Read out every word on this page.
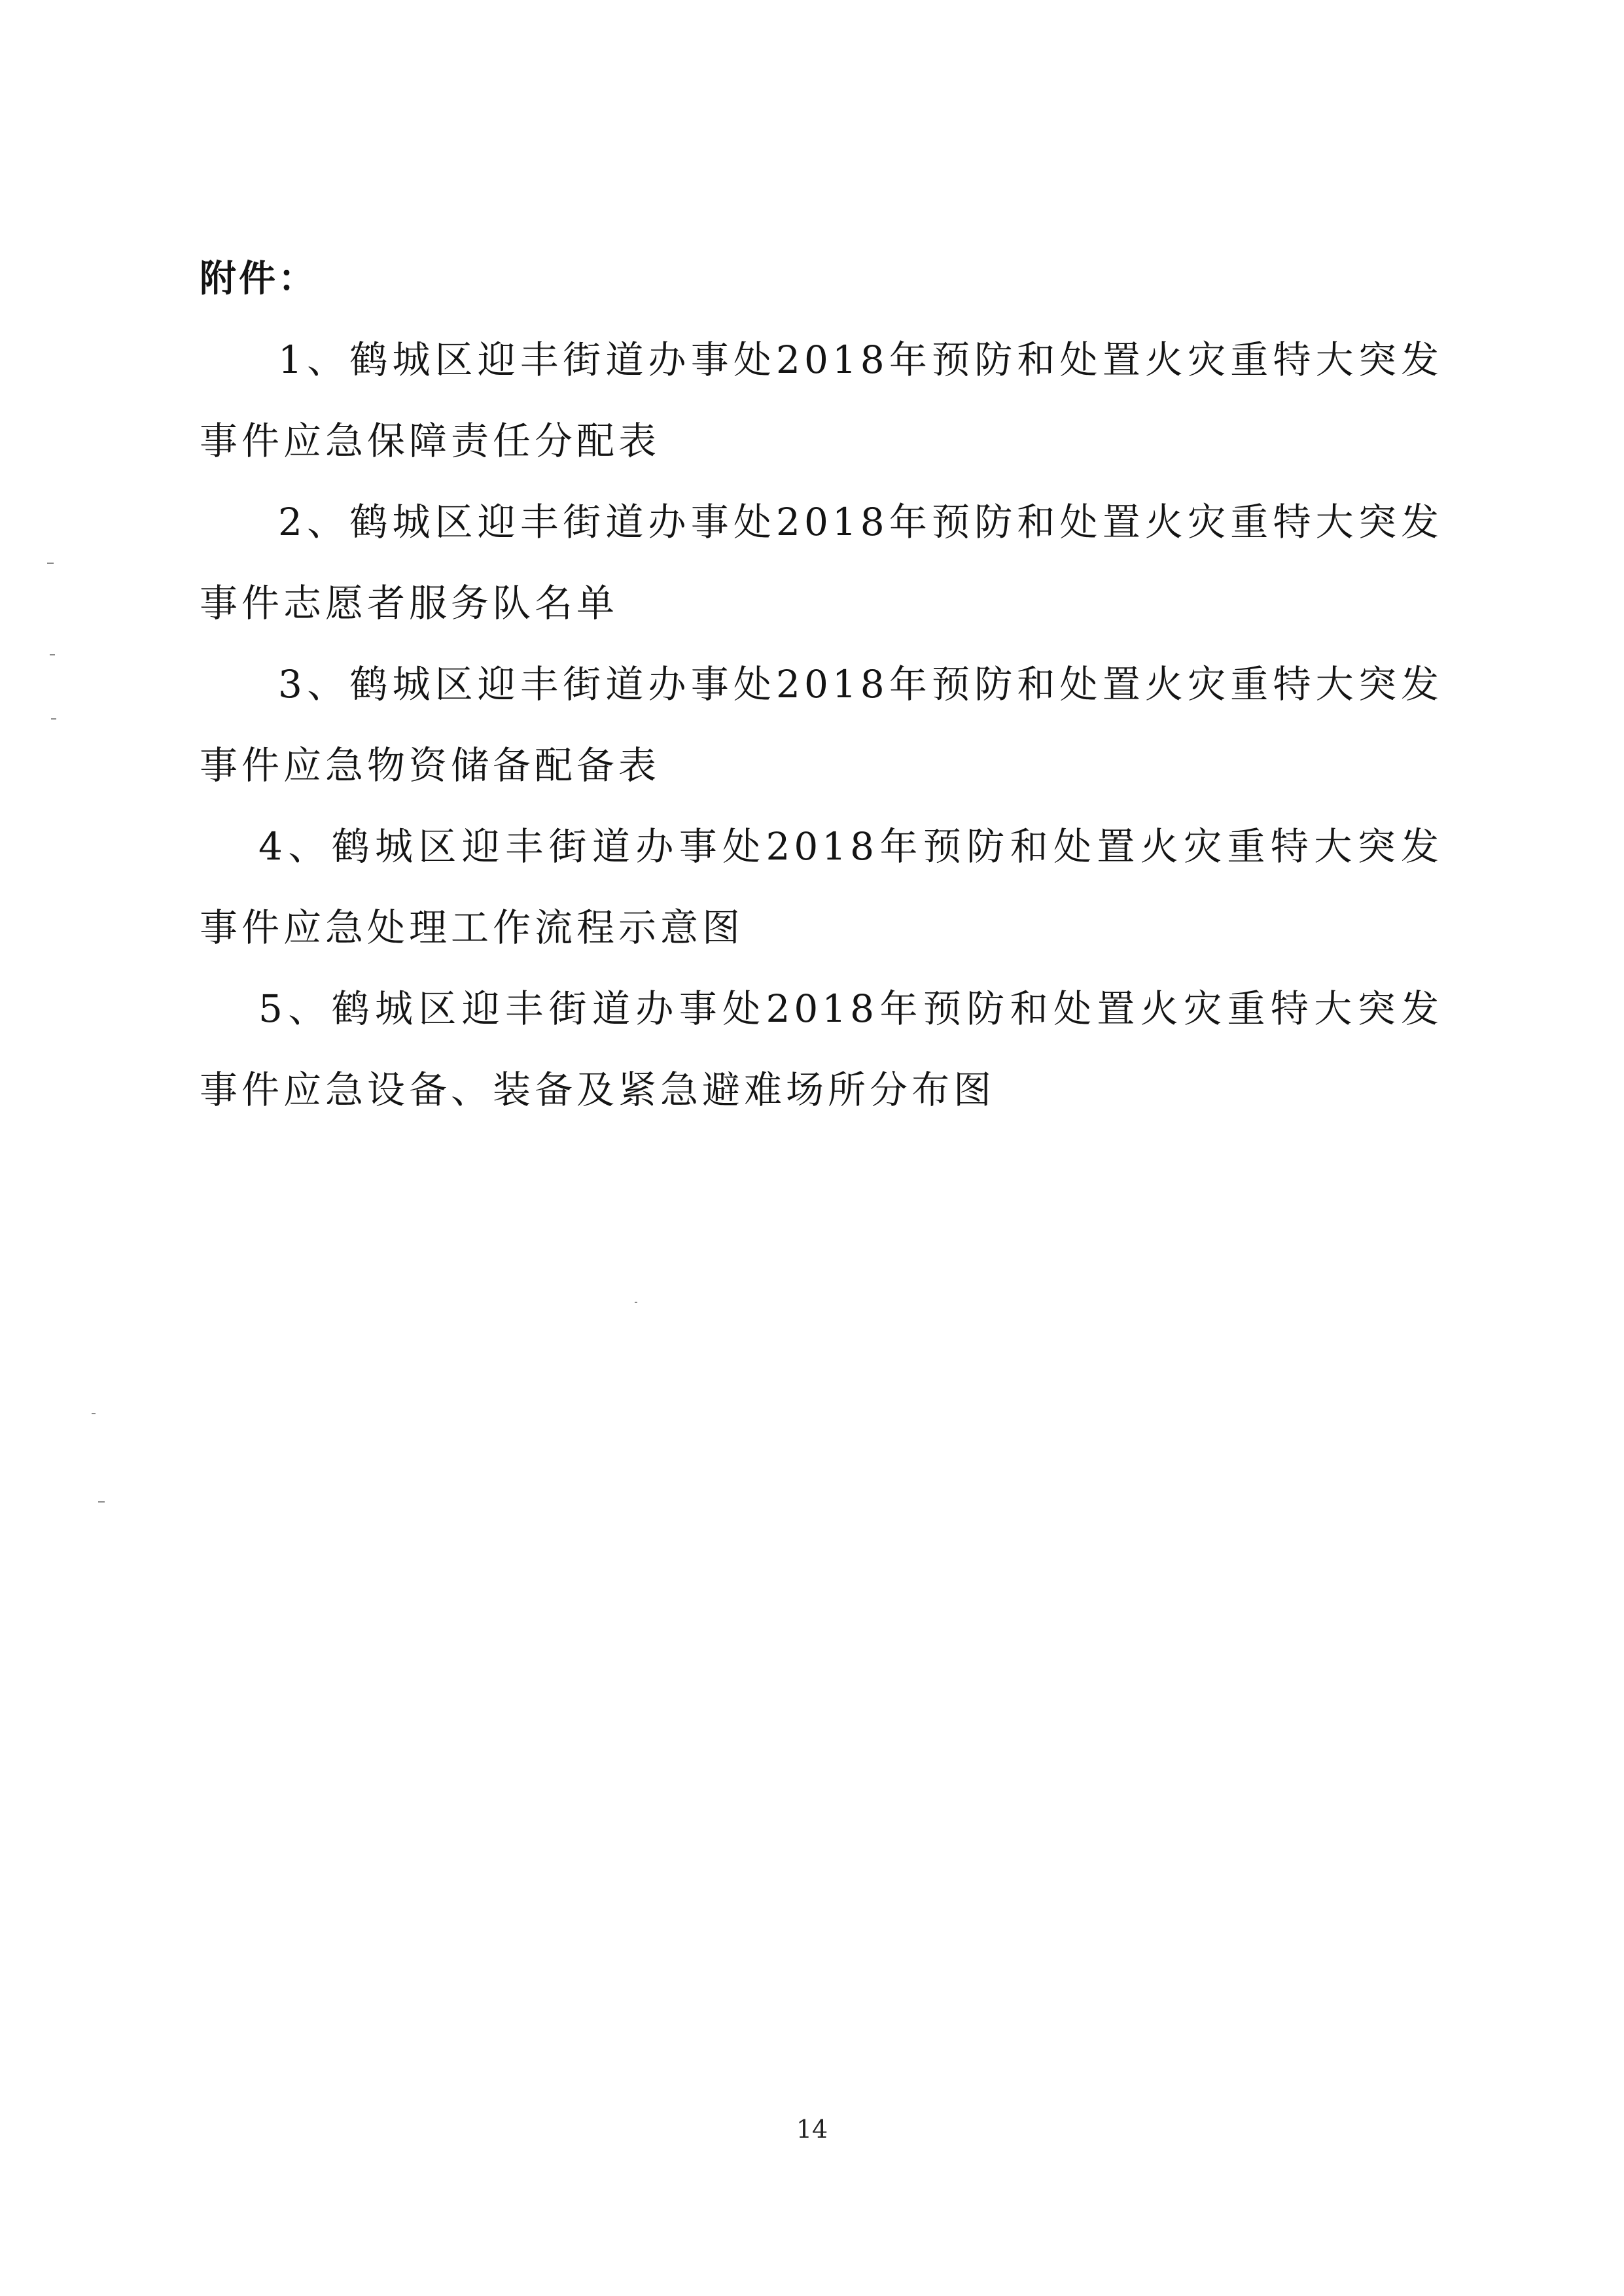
附件：
1、鹤城区迎丰街道办事处2018年预防和处置火灾重特大突发事件应急保障责任分配表
2、鹤城区迎丰街道办事处2018年预防和处置火灾重特大突发事件志愿者服务队名单
3、鹤城区迎丰街道办事处2018年预防和处置火灾重特大突发事件应急物资储备配备表
4、鹤城区迎丰街道办事处2018年预防和处置火灾重特大突发事件应急处理工作流程示意图
5、鹤城区迎丰街道办事处2018年预防和处置火灾重特大突发事件应急设备、装备及紧急避难场所分布图
14
